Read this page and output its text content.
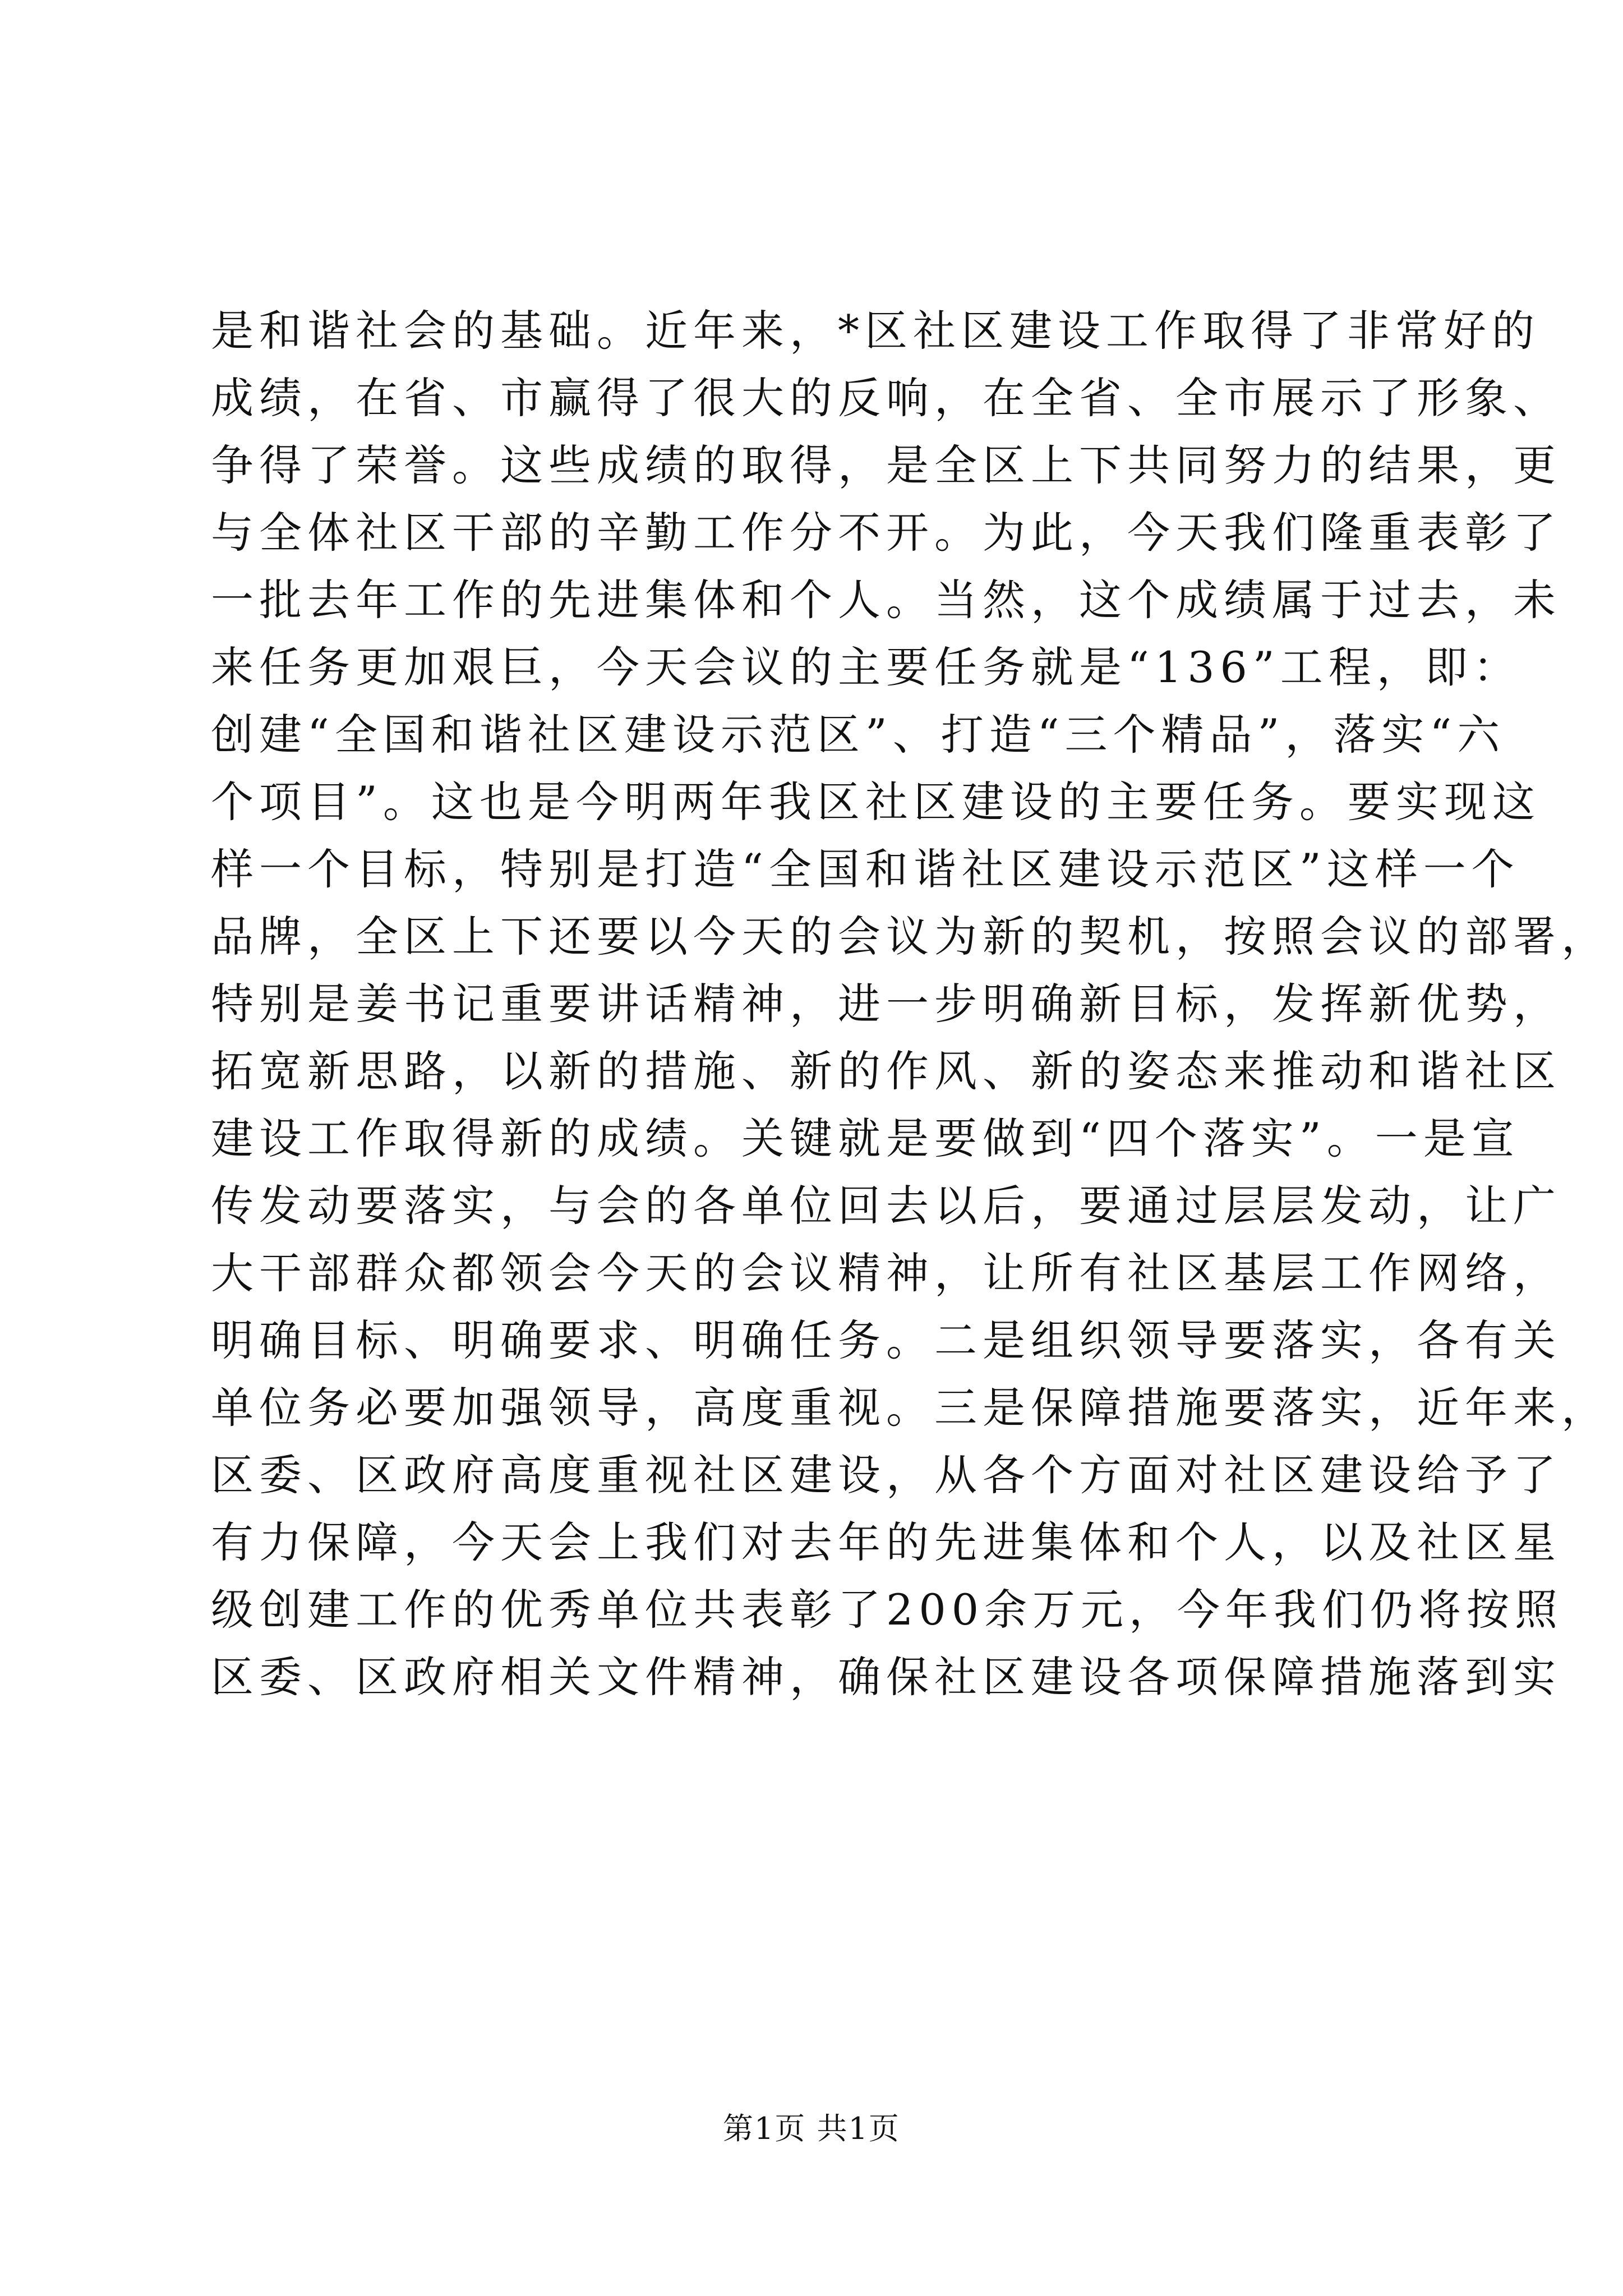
是和谐社会的基础。近年来，*区社区建设工作取得了非常好的
成绩，在省、市赢得了很大的反响，在全省、全市展示了形象、
争得了荣誉。这些成绩的取得，是全区上下共同努力的结果，更
与全体社区干部的辛勤工作分不开。为此，今天我们隆重表彰了
一批去年工作的先进集体和个人。当然，这个成绩属于过去，未
来任务更加艰巨，今天会议的主要任务就是“136”工程，即：
创建“全国和谐社区建设示范区”、打造“三个精品”，落实“六
个项目”。这也是今明两年我区社区建设的主要任务。要实现这
样一个目标，特别是打造“全国和谐社区建设示范区”这样一个
品牌，全区上下还要以今天的会议为新的契机，按照会议的部署，
特别是姜书记重要讲话精神，进一步明确新目标，发挥新优势，
拓宽新思路，以新的措施、新的作风、新的姿态来推动和谐社区
建设工作取得新的成绩。关键就是要做到“四个落实”。一是宣
传发动要落实，与会的各单位回去以后，要通过层层发动，让广
大干部群众都领会今天的会议精神，让所有社区基层工作网络，
明确目标、明确要求、明确任务。二是组织领导要落实，各有关
单位务必要加强领导，高度重视。三是保障措施要落实，近年来，
区委、区政府高度重视社区建设，从各个方面对社区建设给予了
有力保障，今天会上我们对去年的先进集体和个人，以及社区星
级创建工作的优秀单位共表彰了200余万元，今年我们仍将按照
区委、区政府相关文件精神，确保社区建设各项保障措施落到实
第1页 共1页
